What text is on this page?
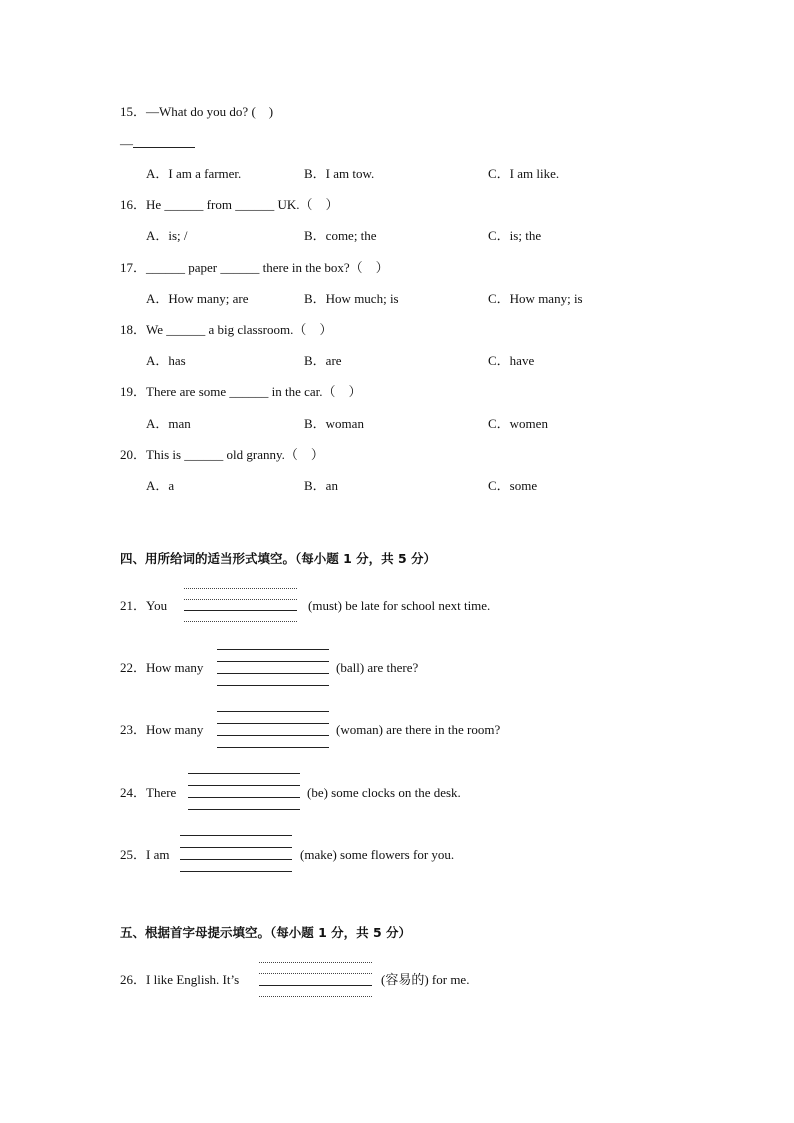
15．—What do you do? (　)
—
A．I am a farmer.	B．I am tow.	C．I am like.
16．He ______ from ______ UK.（　）
A．is; /	B．come; the	C．is; the
17．______ paper ______ there in the box?（　）
A．How many; are	B．How much; is	C．How many; is
18．We ______ a big classroom.（　）
A．has	B．are	C．have
19．There are some ______ in the car.（　）
A．man	B．woman	C．women
20．This is ______ old granny.（　）
A．a	B．an	C．some
四、用所给词的适当形式填空。（每小题 1 分，共 5 分）
21．You	(must) be late for school next time.
22．How many	(ball) are there?
23．How many	(woman) are there in the room?
24．There	(be) some clocks on the desk.
25．I am	(make) some flowers for you.
五、根据首字母提示填空。（每小题 1 分，共 5 分）
26．I like English. It’s	(容易的) for me.
